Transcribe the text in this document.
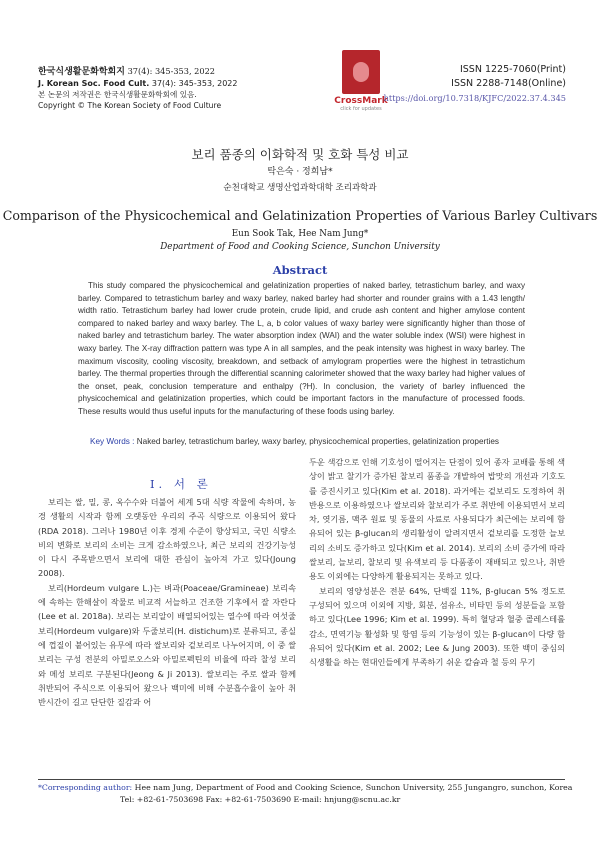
한국식생활문화학회지 37(4): 345-353, 2022
J. Korean Soc. Food Cult. 37(4): 345-353, 2022
본 논문의 저작권은 한국식생활문화학회에 있음.
Copyright © The Korean Society of Food Culture	CrossMark
click for updates
ISSN 1225-7060(Print)
ISSN 2288-7148(Online)
https://doi.org/10.7318/KJFC/2022.37.4.345
보리 품종의 이화학적 및 호화 특성 비교
탁은숙 · 정희남*
순천대학교 생명산업과학대학 조리과학과
Comparison of the Physicochemical and Gelatinization Properties of Various Barley Cultivars
Eun Sook Tak, Hee Nam Jung*
Department of Food and Cooking Science, Sunchon University
Abstract
This study compared the physicochemical and gelatinization properties of naked barley, tetrastichum barley, and waxy barley. Compared to tetrastichum barley and waxy barley, naked barley had shorter and rounder grains with a 1.43 length/ width ratio. Tetrastichum barley had lower crude protein, crude lipid, and crude ash content and higher amylose content compared to naked barley and waxy barley. The L, a, b color values of waxy barley were significantly higher than those of naked barley and tetrastichum barley. The water absorption index (WAI) and the water soluble index (WSI) were highest in waxy barley. The X-ray diffraction pattern was type A in all samples, and the peak intensity was highest in waxy barley. The maximum viscosity, cooling viscosity, breakdown, and setback of amylogram properties were the highest in tetrastichum barley. The thermal properties through the differential scanning calorimeter showed that the waxy barley had higher values of the onset, peak, conclusion temperature and enthalpy (?H). In conclusion, the variety of barley influenced the physicochemical and gelatinization properties, which could be important factors in the manufacture of processed foods. These results would thus useful inputs for the manufacturing of these foods using barley.
Key Words : Naked barley, tetrastichum barley, waxy barley, physicochemical properties, gelatinization properties
Ⅰ. 서 론

보리는 쌀, 밀, 콩, 옥수수와 더불어 세계 5대 식량 작물에 속하며, 농경 생활의 시작과 함께 오랫동안 우리의 주곡 식량으로 이용되어 왔다(RDA 2018). 그러나 1980년 이후 경제 수준이 향상되고, 국민 식량소비의 변화로 보리의 소비는 크게 감소하였으나, 최근 보리의 건강기능성이 다시 주목받으면서 보리에 대한 관심이 높아져 가고 있다(Joung 2008).

보리(Hordeum vulgare L.)는 벼과(Poaceae/Gramineae) 보리속에 속하는 한해살이 작물로 비교적 서늘하고 건조한 기후에서 잘 자란다(Lee et al. 2018a). 보리는 보리알이 배열되어있는 열수에 따라 여섯줄보리(Hordeum vulgare)와 두줄보리(H. distichum)로 분류되고, 종실에 껍질이 붙어있는 유무에 따라 쌀보리와 겉보리로 나누어지며, 이 중 쌀보리는 구성 전분의 아밀로오스와 아밀로펙틴의 비율에 따라 찰성 보리와 메성 보리로 구분된다(Jeong & Ji 2013). 쌀보리는 주로 쌀과 함께 취반되어 주식으로 이용되어 왔으나 백미에 비해 수분흡수율이 높아 취반시간이 길고 단단한 질감과 어

두운 색감으로 인해 기호성이 떨어지는 단점이 있어 종자 교배를 통해 색상이 밝고 찰기가 증가된 찰보리 품종을 개발하여 밥맛의 개선과 기호도를 증진시키고 있다(Kim et al. 2018). 과거에는 겉보리도 도정하여 취반용으로 이용하였으나 쌀보리와 찰보리가 주로 취반에 이용되면서 보리차, 엿기름, 맥주 원료 및 동물의 사료로 사용되다가 최근에는 보리에 함유되어 있는 β-glucan의 생리활성이 알려지면서 겉보리를 도정한 늘보리의 소비도 증가하고 있다(Kim et al. 2014). 보리의 소비 증가에 따라 쌀보리, 늘보리, 찰보리 및 유색보리 등 다품종이 재배되고 있으나, 취반용도 이외에는 다양하게 활용되지는 못하고 있다.

보리의 영양성분은 전분 64%, 단백질 11%, β-glucan 5% 정도로 구성되어 있으며 이외에 지방, 회분, 섬유소, 비타민 등의 성분들을 포함하고 있다(Lee 1996; Kim et al. 1999). 특히 혈당과 혈중 콜레스테롤 감소, 면역기능 활성화 및 항염 등의 기능성이 있는 β-glucan이 다량 함유되어 있다(Kim et al. 2002; Lee & Jung 2003). 또한 백미 중심의 식생활을 하는 현대인들에게 부족하기 쉬운 칼슘과 철 등의 무기

*Corresponding author: Hee nam Jung, Department of Food and Cooking Science, Sunchon University, 255 Jungangro, sunchon, Korea
Tel: +82-61-7503698 Fax: +82-61-7503690 E-mail: hnjung@scnu.ac.kr
